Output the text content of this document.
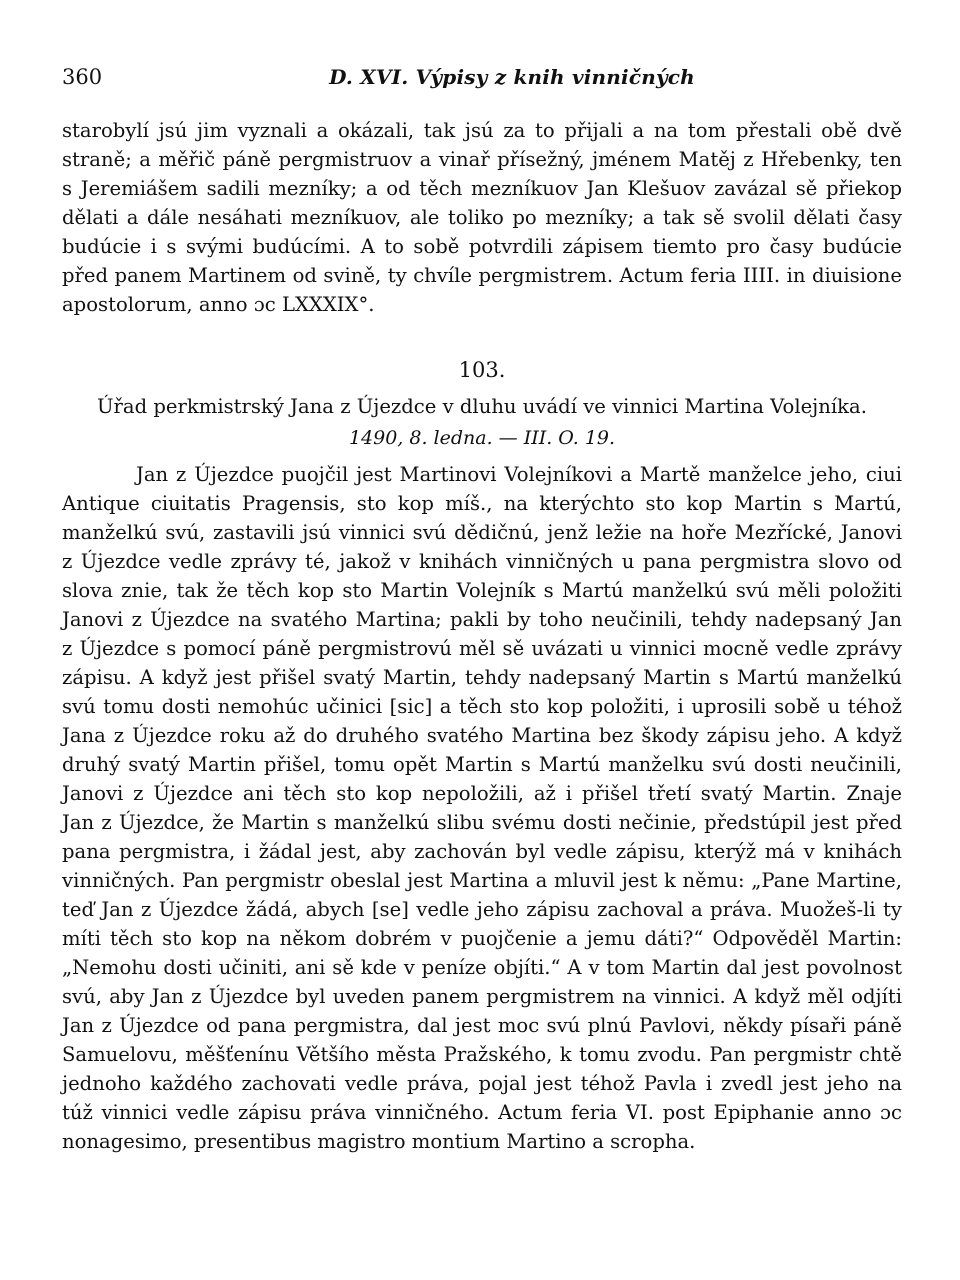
360	D. XVI. Výpisy z knih vinničných
starobylí jsú jim vyznali a okázali, tak jsú za to přijali a na tom přestali obě dvě
straně; a měřič páně pergmistruov a vinař přísežný, jménem Matěj z Hřebenky, ten
s Jeremiášem sadili mezníky; a od těch mezníkuov Jan Klešuov zavázal sě přiekop
dělati a dále nesáhati mezníkuov, ale toliko po mezníky; a tak sě svolil dělati časy
budúcie i s svými budúcími. A to sobě potvrdili zápisem tiemto pro časy budúcie
před panem Martinem od svině, ty chvíle pergmistrem. Actum feria IIII. in diuisione
apostolorum, anno ɔc LXXXIX°.
103.
Úřad perkmistrský Jana z Újezdce v dluhu uvádí ve vinnici Martina Volejníka.
1490, 8. ledna. — III. O. 19.
Jan z Újezdce puojčil jest Martinovi Volejníkovi a Martě manželce jeho, ciui
Antique ciuitatis Pragensis, sto kop míš., na kterýchto sto kop Martin s Martú,
manželkú svú, zastavili jsú vinnici svú dědičnú, jenž ležie na hoře Mezřícké, Janovi
z Újezdce vedle zprávy té, jakož v knihách vinničných u pana pergmistra slovo od
slova znie, tak že těch kop sto Martin Volejník s Martú manželkú svú měli položiti
Janovi z Újezdce na svatého Martina; pakli by toho neučinili, tehdy nadepsaný Jan
z Újezdce s pomocí páně pergmistrovú měl sě uvázati u vinnici mocně vedle zprávy
zápisu. A když jest přišel svatý Martin, tehdy nadepsaný Martin s Martú manželkú
svú tomu dosti nemohúc učinici [sic] a těch sto kop položiti, i uprosili sobě u téhož
Jana z Újezdce roku až do druhého svatého Martina bez škody zápisu jeho. A když
druhý svatý Martin přišel, tomu opět Martin s Martú manželku svú dosti neučinili,
Janovi z Újezdce ani těch sto kop nepoložili, až i přišel třetí svatý Martin. Znaje
Jan z Újezdce, že Martin s manželkú slibu svému dosti nečinie, předstúpil jest před
pana pergmistra, i žádal jest, aby zachován byl vedle zápisu, kterýž má v knihách
vinničných. Pan pergmistr obeslal jest Martina a mluvil jest k němu: „Pane Martine,
teď Jan z Újezdce žádá, abych [se] vedle jeho zápisu zachoval a práva. Muožeš-li ty
míti těch sto kop na někom dobrém v puojčenie a jemu dáti?“ Odpověděl Martin:
„Nemohu dosti učiniti, ani sě kde v peníze objíti.“ A v tom Martin dal jest povolnost
svú, aby Jan z Újezdce byl uveden panem pergmistrem na vinnici. A když měl odjíti
Jan z Újezdce od pana pergmistra, dal jest moc svú plnú Pavlovi, někdy písaři páně
Samuelovu, měšťenínu Většího města Pražského, k tomu zvodu. Pan pergmistr chtě
jednoho každého zachovati vedle práva, pojal jest téhož Pavla i zvedl jest jeho na
túž vinnici vedle zápisu práva vinničného. Actum feria VI. post Epiphanie anno ɔc
nonagesimo, presentibus magistro montium Martino a scropha.
